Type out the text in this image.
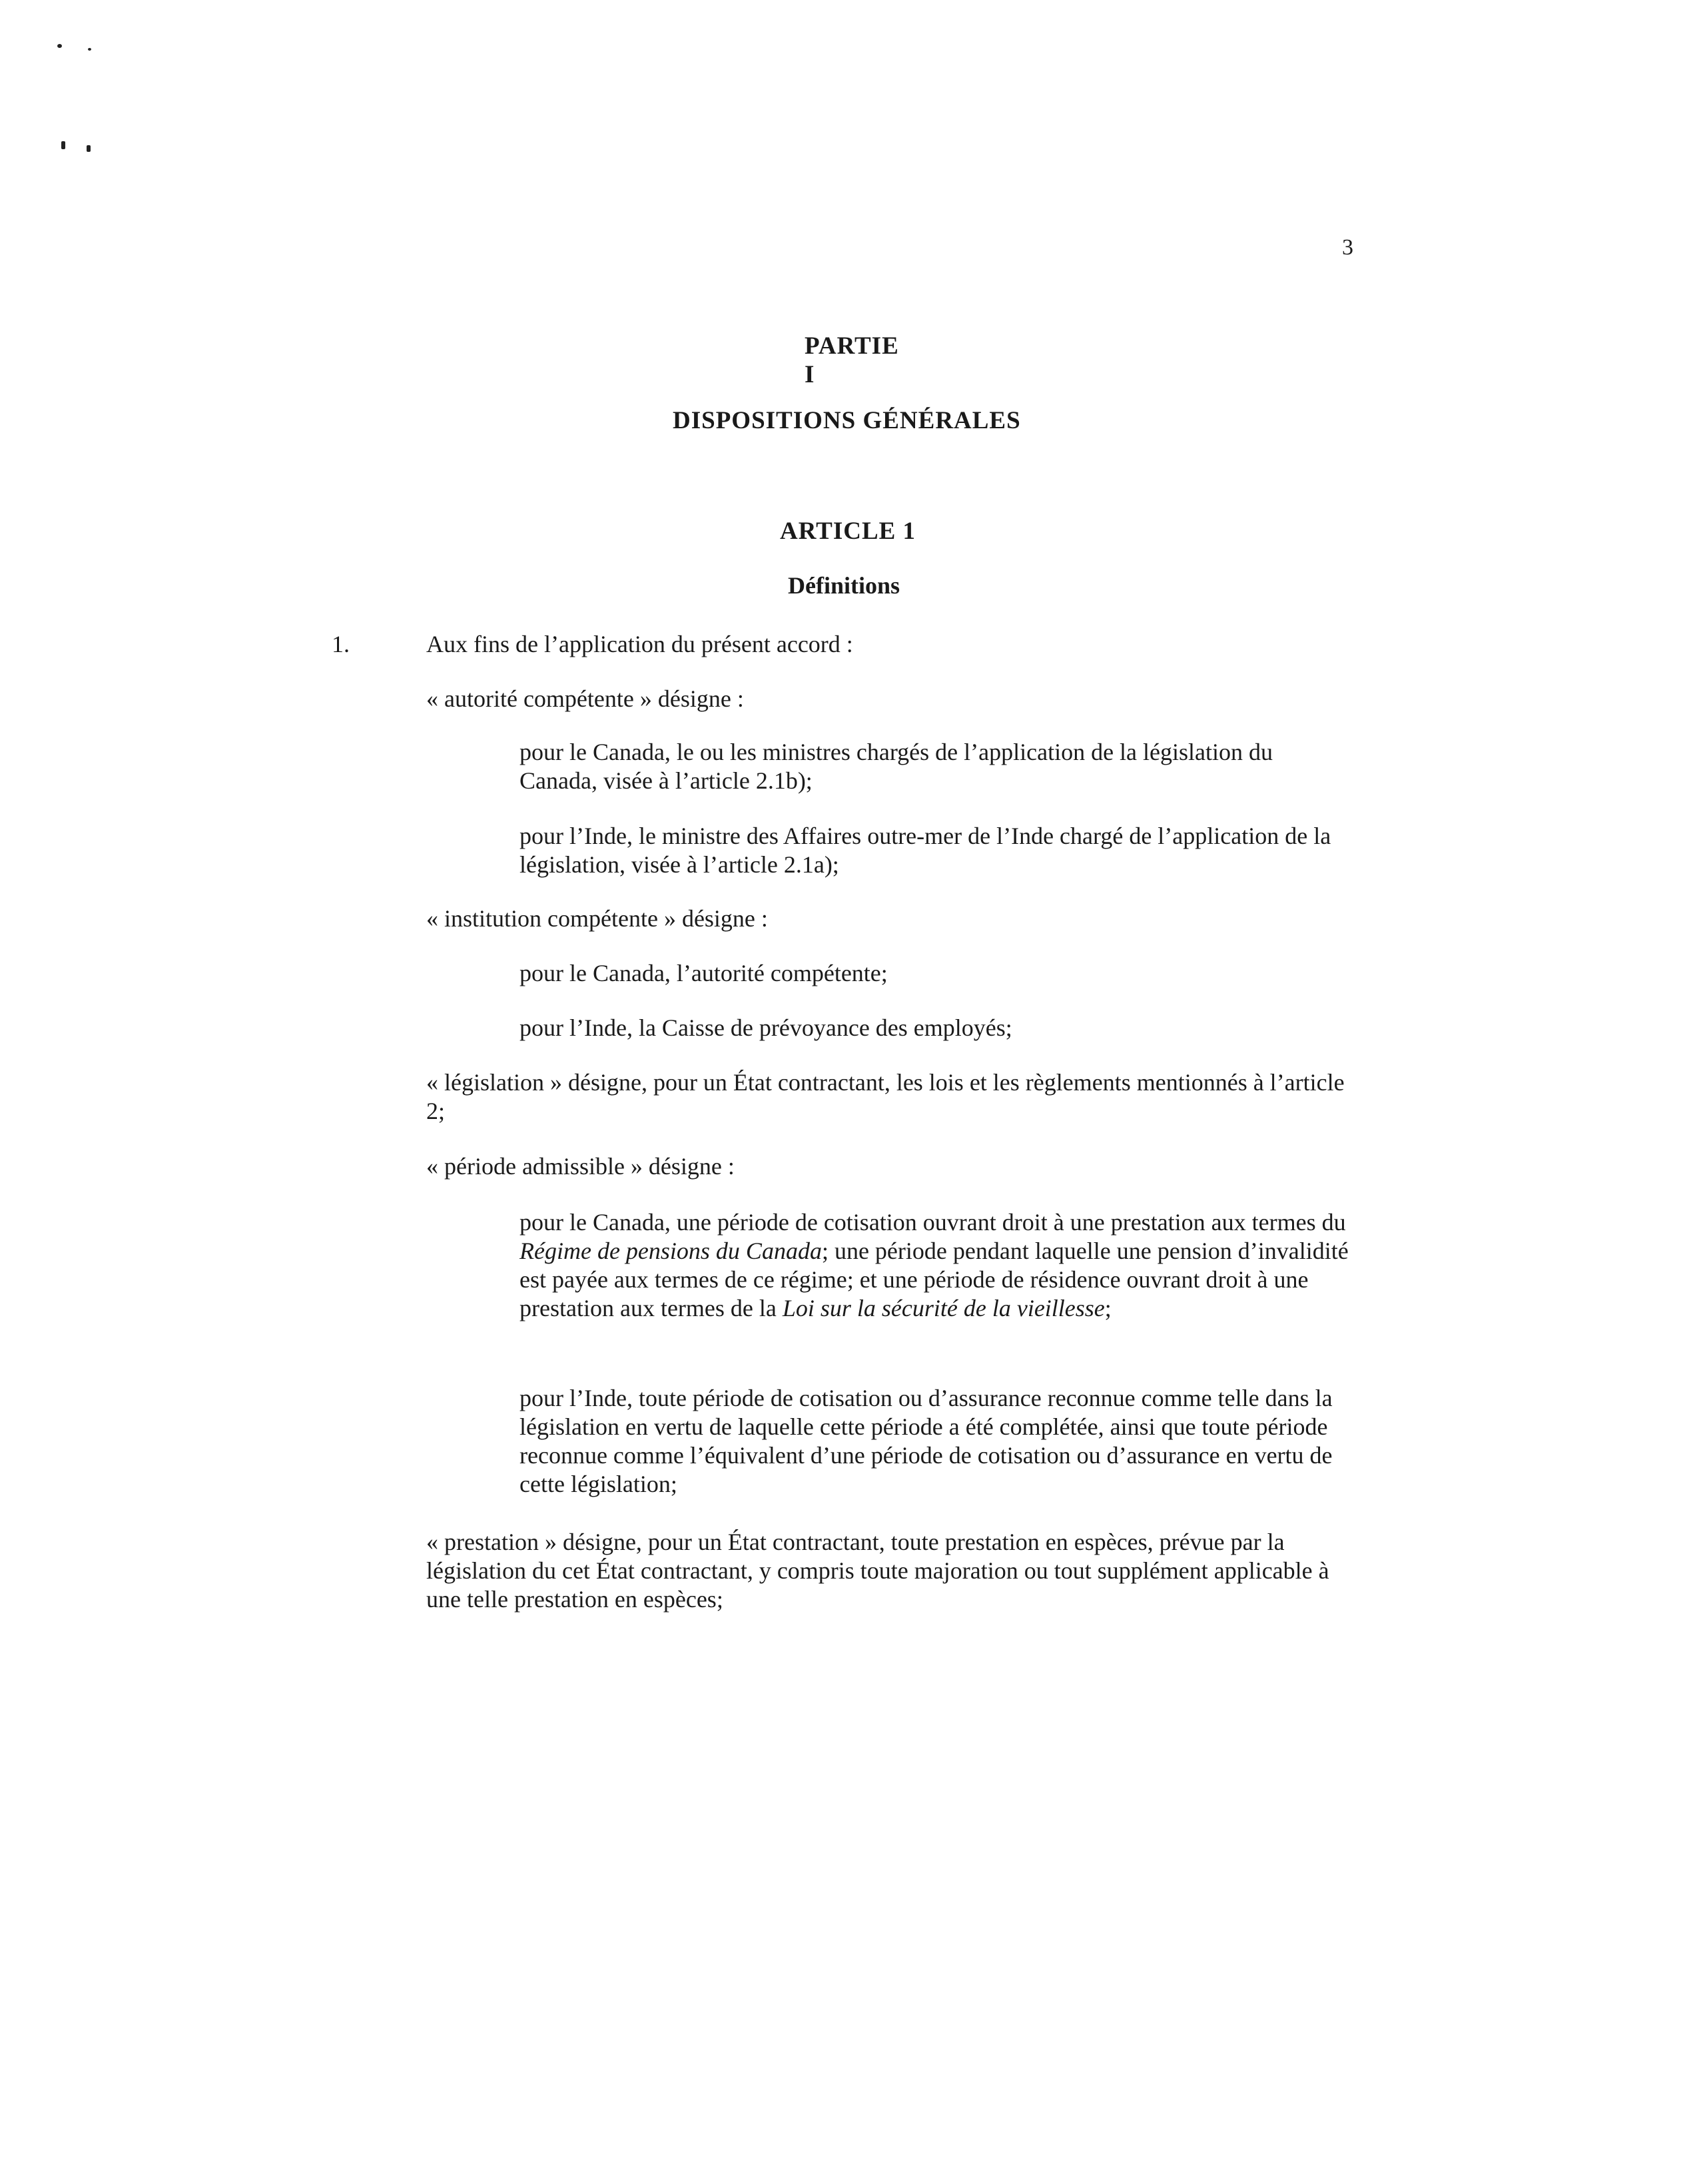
3
PARTIE I
DISPOSITIONS GÉNÉRALES
ARTICLE 1
Définitions
1.	Aux fins de l’application du présent accord :

« autorité compétente » désigne :

pour le Canada, le ou les ministres chargés de l’application de la législation du Canada, visée à l’article 2.1b);

pour l’Inde, le ministre des Affaires outre-mer de l’Inde chargé de l’application de la législation, visée à l’article 2.1a);

« institution compétente » désigne :

pour le Canada, l’autorité compétente;

pour l’Inde, la Caisse de prévoyance des employés;

« législation » désigne, pour un État contractant, les lois et les règlements mentionnés à l’article 2;

« période admissible » désigne :

pour le Canada, une période de cotisation ouvrant droit à une prestation aux termes du Régime de pensions du Canada; une période pendant laquelle une pension d’invalidité est payée aux termes de ce régime; et une période de résidence ouvrant droit à une prestation aux termes de la Loi sur la sécurité de la vieillesse;

pour l’Inde, toute période de cotisation ou d’assurance reconnue comme telle dans la législation en vertu de laquelle cette période a été complétée, ainsi que toute période reconnue comme l’équivalent d’une période de cotisation ou d’assurance en vertu de cette législation;

« prestation » désigne, pour un État contractant, toute prestation en espèces, prévue par la législation du cet État contractant, y compris toute majoration ou tout supplément applicable à une telle prestation en espèces;
